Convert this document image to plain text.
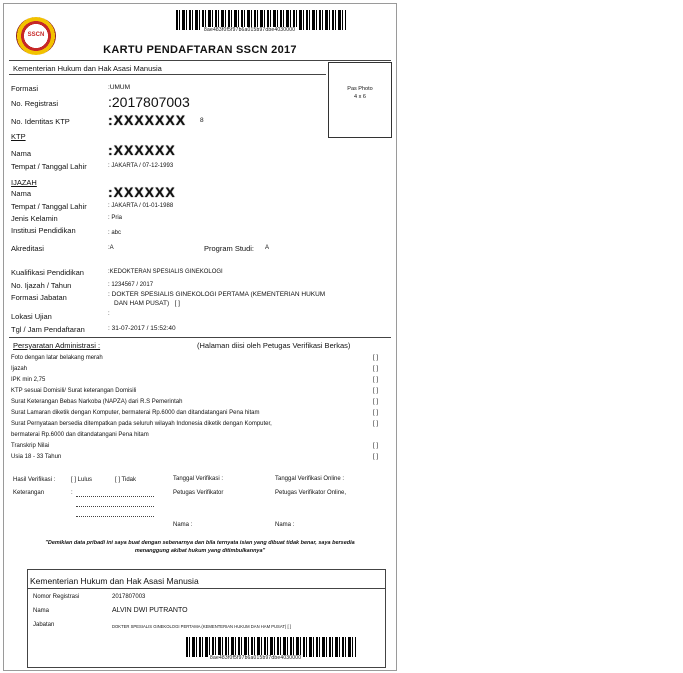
SSCN
8ae483f0f5f97b6a015b97dbe4030000
KARTU PENDAFTARAN SSCN 2017
Kementerian Hukum dan Hak Asasi Manusia
Pas Photo
4 x 6
Formasi	:UMUM
No. Registrasi	:2017807003
No. Identitas KTP	:XXXXXXX 8
KTP
Nama	:XXXXXX
Tempat / Tanggal Lahir	: JAKARTA / 07-12-1993
IJAZAH
Nama	:XXXXXX
Tempat / Tanggal Lahir	: JAKARTA / 01-01-1988
Jenis Kelamin	: Pria
Institusi Pendidikan	: abc
Akreditasi	:A	Program Studi: A
Kualifikasi Pendidikan	:KEDOKTERAN SPESIALIS GINEKOLOGI
No. Ijazah / Tahun	: 1234567 / 2017
Formasi Jabatan	: DOKTER SPESIALIS GINEKOLOGI PERTAMA (KEMENTERIAN HUKUM
DAN HAM PUSAT) [ ]
Lokasi Ujian	:
Tgl / Jam Pendaftaran	: 31-07-2017 / 15:52:40
Persyaratan Administrasi :	(Halaman diisi oleh Petugas Verifikasi Berkas)
Foto dengan latar belakang merah	[ ]
Ijazah	[ ]
IPK min 2,75	[ ]
KTP sesuai Domisili/ Surat keterangan Domisili	[ ]
Surat Keterangan Bebas Narkoba (NAPZA) dari R.S Pemerintah	[ ]
Surat Lamaran diketik dengan Komputer, bermaterai Rp.6000 dan ditandatangani Pena hitam	[ ]
Surat Pernyataan bersedia ditempatkan pada seluruh wilayah Indonesia diketik dengan Komputer,	[ ]
bermaterai Rp.6000 dan ditandatangani Pena hitam
Transkrip Nilai	[ ]
Usia 18 - 33 Tahun	[ ]
Hasil Verifikasi :	[ ] Lulus	[ ] Tidak
Keterangan	:
Tanggal Verifikasi :
Petugas Verifikator
Tanggal Verifikasi Online :
Petugas Verifikator Online,
Nama :	Nama :
"Demikian data pribadi ini saya buat dengan sebenarnya dan bila ternyata isian yang dibuat tidak benar, saya bersedia
menanggung akibat hukum yang ditimbulkannya"
Kementerian Hukum dan Hak Asasi Manusia
Nomor Registrasi	2017807003
Nama	ALVIN DWI PUTRANTO
Jabatan	DOKTER SPESIALIS GINEKOLOGI PERTAMA (KEMENTERIAN HUKUM DAN HAM PUSAT) [ ]
8ae483f0f5f97b6a015b97dbe4030000
